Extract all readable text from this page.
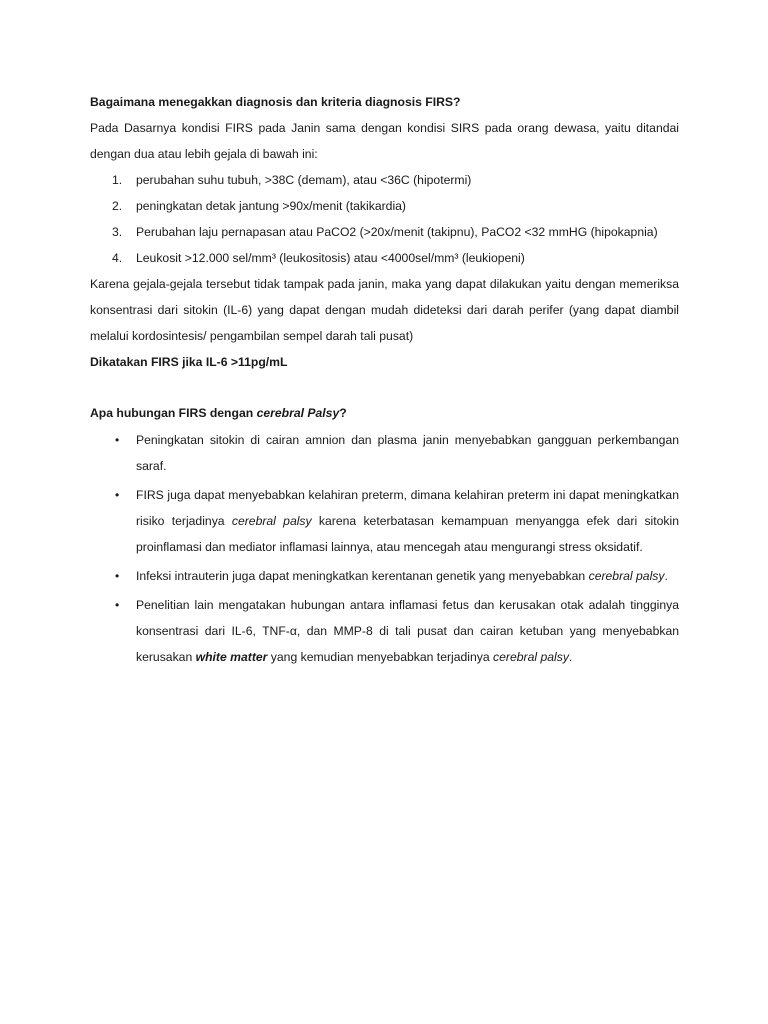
Bagaimana menegakkan diagnosis dan kriteria diagnosis FIRS?

Pada Dasarnya kondisi FIRS pada Janin sama dengan kondisi SIRS pada orang dewasa, yaitu ditandai dengan dua atau lebih gejala di bawah ini:

1. perubahan suhu tubuh, >38C (demam), atau <36C (hipotermi)
2. peningkatan detak jantung >90x/menit (takikardia)
3. Perubahan laju pernapasan atau PaCO2 (>20x/menit (takipnu), PaCO2 <32 mmHG (hipokapnia)
4. Leukosit >12.000 sel/mm³ (leukositosis) atau <4000sel/mm³ (leukiopeni)

Karena gejala-gejala tersebut tidak tampak pada janin, maka yang dapat dilakukan yaitu dengan memeriksa konsentrasi dari sitokin (IL-6) yang dapat dengan mudah dideteksi dari darah perifer (yang dapat diambil melalui kordosintesis/ pengambilan sempel darah tali pusat)

Dikatakan FIRS jika IL-6 >11pg/mL

Apa hubungan FIRS dengan cerebral Palsy?

• Peningkatan sitokin di cairan amnion dan plasma janin menyebabkan gangguan perkembangan saraf.
• FIRS juga dapat menyebabkan kelahiran preterm, dimana kelahiran preterm ini dapat meningkatkan risiko terjadinya cerebral palsy karena keterbatasan kemampuan menyangga efek dari sitokin proinflamasi dan mediator inflamasi lainnya, atau mencegah atau mengurangi stress oksidatif.
• Infeksi intrauterin juga dapat meningkatkan kerentanan genetik yang menyebabkan cerebral palsy.
• Penelitian lain mengatakan hubungan antara inflamasi fetus dan kerusakan otak adalah tingginya konsentrasi dari IL-6, TNF-α, dan MMP-8 di tali pusat dan cairan ketuban yang menyebabkan kerusakan white matter yang kemudian menyebabkan terjadinya cerebral palsy.
